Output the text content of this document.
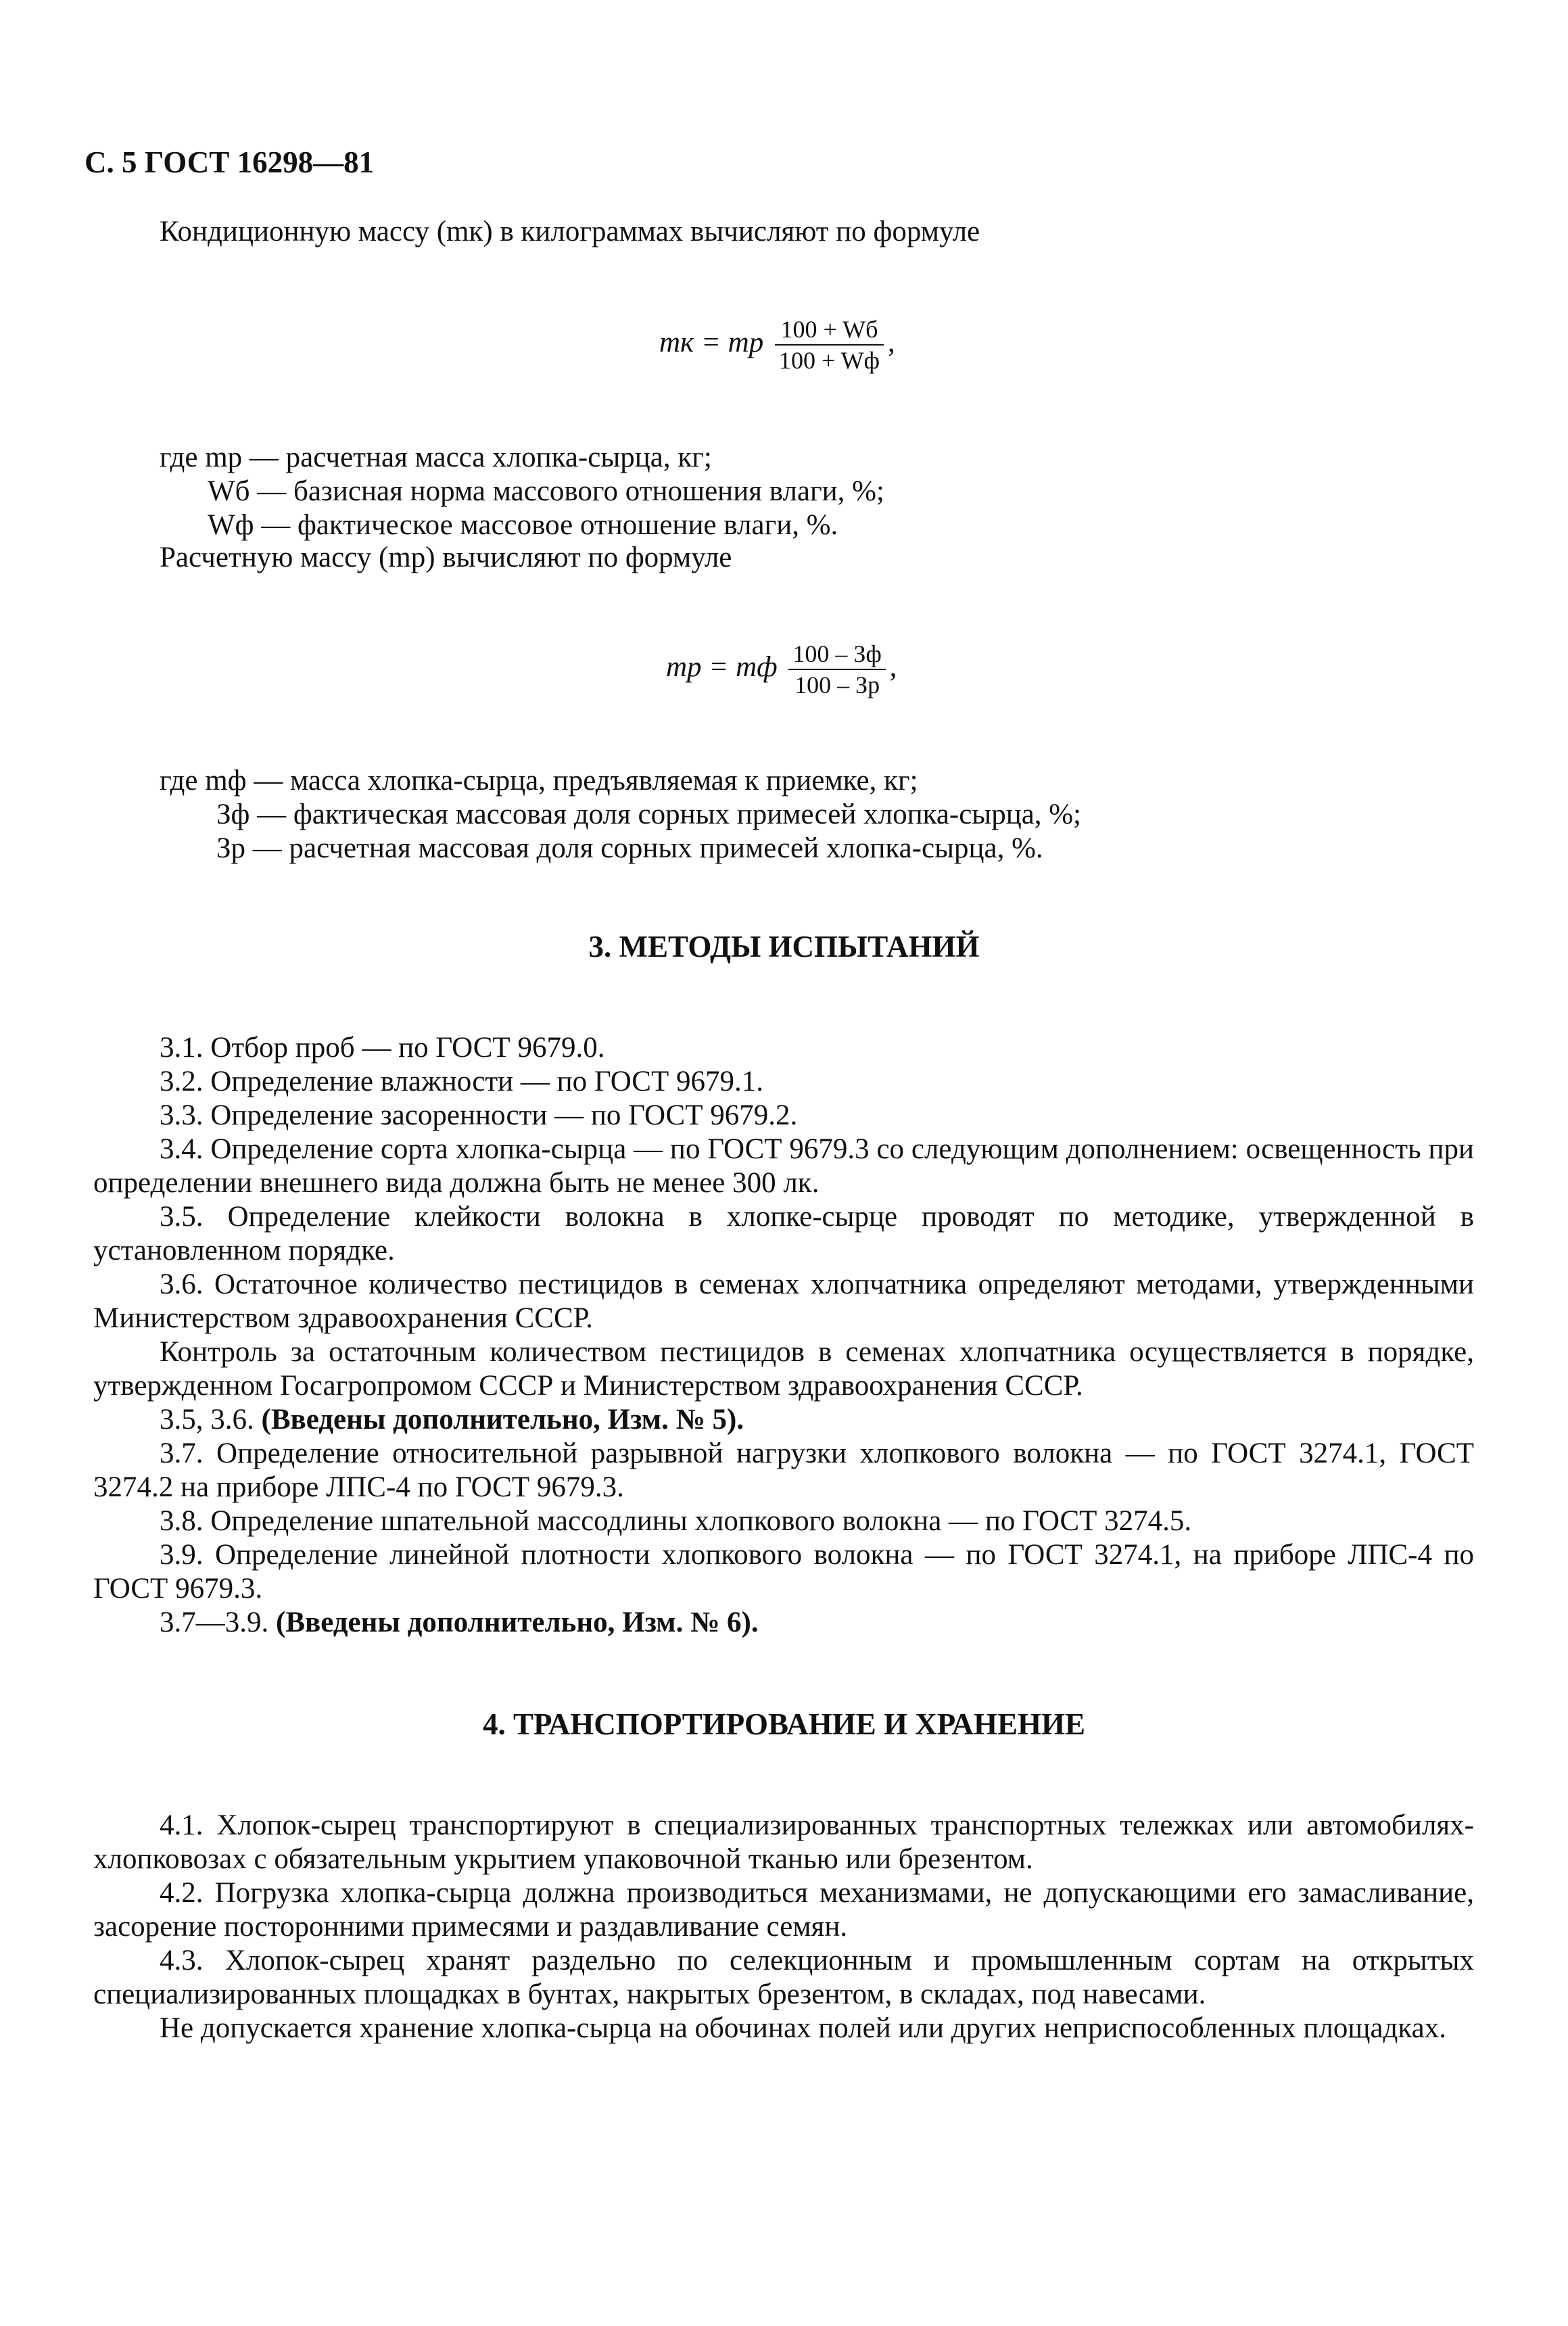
С. 5 ГОСТ 16298—81
Кондиционную массу (mк) в килограммах вычисляют по формуле
mк = mр $\frac{100 + Wб}{100 + Wф}$ ,
где mр — расчетная масса хлопка-сырца, кг;
Wб — базисная норма массового отношения влаги, %;
Wф — фактическое массовое отношение влаги, %.
Расчетную массу (mр) вычисляют по формуле
mр = mф $\frac{100 - Зф}{100 - Зр}$ ,
где mф — масса хлопка-сырца, предъявляемая к приемке, кг;
Зф — фактическая массовая доля сорных примесей хлопка-сырца, %;
Зр — расчетная массовая доля сорных примесей хлопка-сырца, %.
3. МЕТОДЫ ИСПЫТАНИЙ
3.1. Отбор проб — по ГОСТ 9679.0.
3.2. Определение влажности — по ГОСТ 9679.1.
3.3. Определение засоренности — по ГОСТ 9679.2.
3.4. Определение сорта хлопка-сырца — по ГОСТ 9679.3 со следующим дополнением: освещенность при определении внешнего вида должна быть не менее 300 лк.
3.5. Определение клейкости волокна в хлопке-сырце проводят по методике, утвержденной в установленном порядке.
3.6. Остаточное количество пестицидов в семенах хлопчатника определяют методами, утвержденными Министерством здравоохранения СССР.
Контроль за остаточным количеством пестицидов в семенах хлопчатника осуществляется в порядке, утвержденном Госагропромом СССР и Министерством здравоохранения СССР.
3.5, 3.6. (Введены дополнительно, Изм. № 5).
3.7. Определение относительной разрывной нагрузки хлопкового волокна — по ГОСТ 3274.1, ГОСТ 3274.2 на приборе ЛПС-4 по ГОСТ 9679.3.
3.8. Определение шпательной массодлины хлопкового волокна — по ГОСТ 3274.5.
3.9. Определение линейной плотности хлопкового волокна — по ГОСТ 3274.1, на приборе ЛПС-4 по ГОСТ 9679.3.
3.7—3.9. (Введены дополнительно, Изм. № 6).
4. ТРАНСПОРТИРОВАНИЕ И ХРАНЕНИЕ
4.1. Хлопок-сырец транспортируют в специализированных транспортных тележках или автомобилях-хлопковозах с обязательным укрытием упаковочной тканью или брезентом.
4.2. Погрузка хлопка-сырца должна производиться механизмами, не допускающими его замасливание, засорение посторонними примесями и раздавливание семян.
4.3. Хлопок-сырец хранят раздельно по селекционным и промышленным сортам на открытых специализированных площадках в бунтах, накрытых брезентом, в складах, под навесами.
Не допускается хранение хлопка-сырца на обочинах полей или других неприспособленных площадках.
